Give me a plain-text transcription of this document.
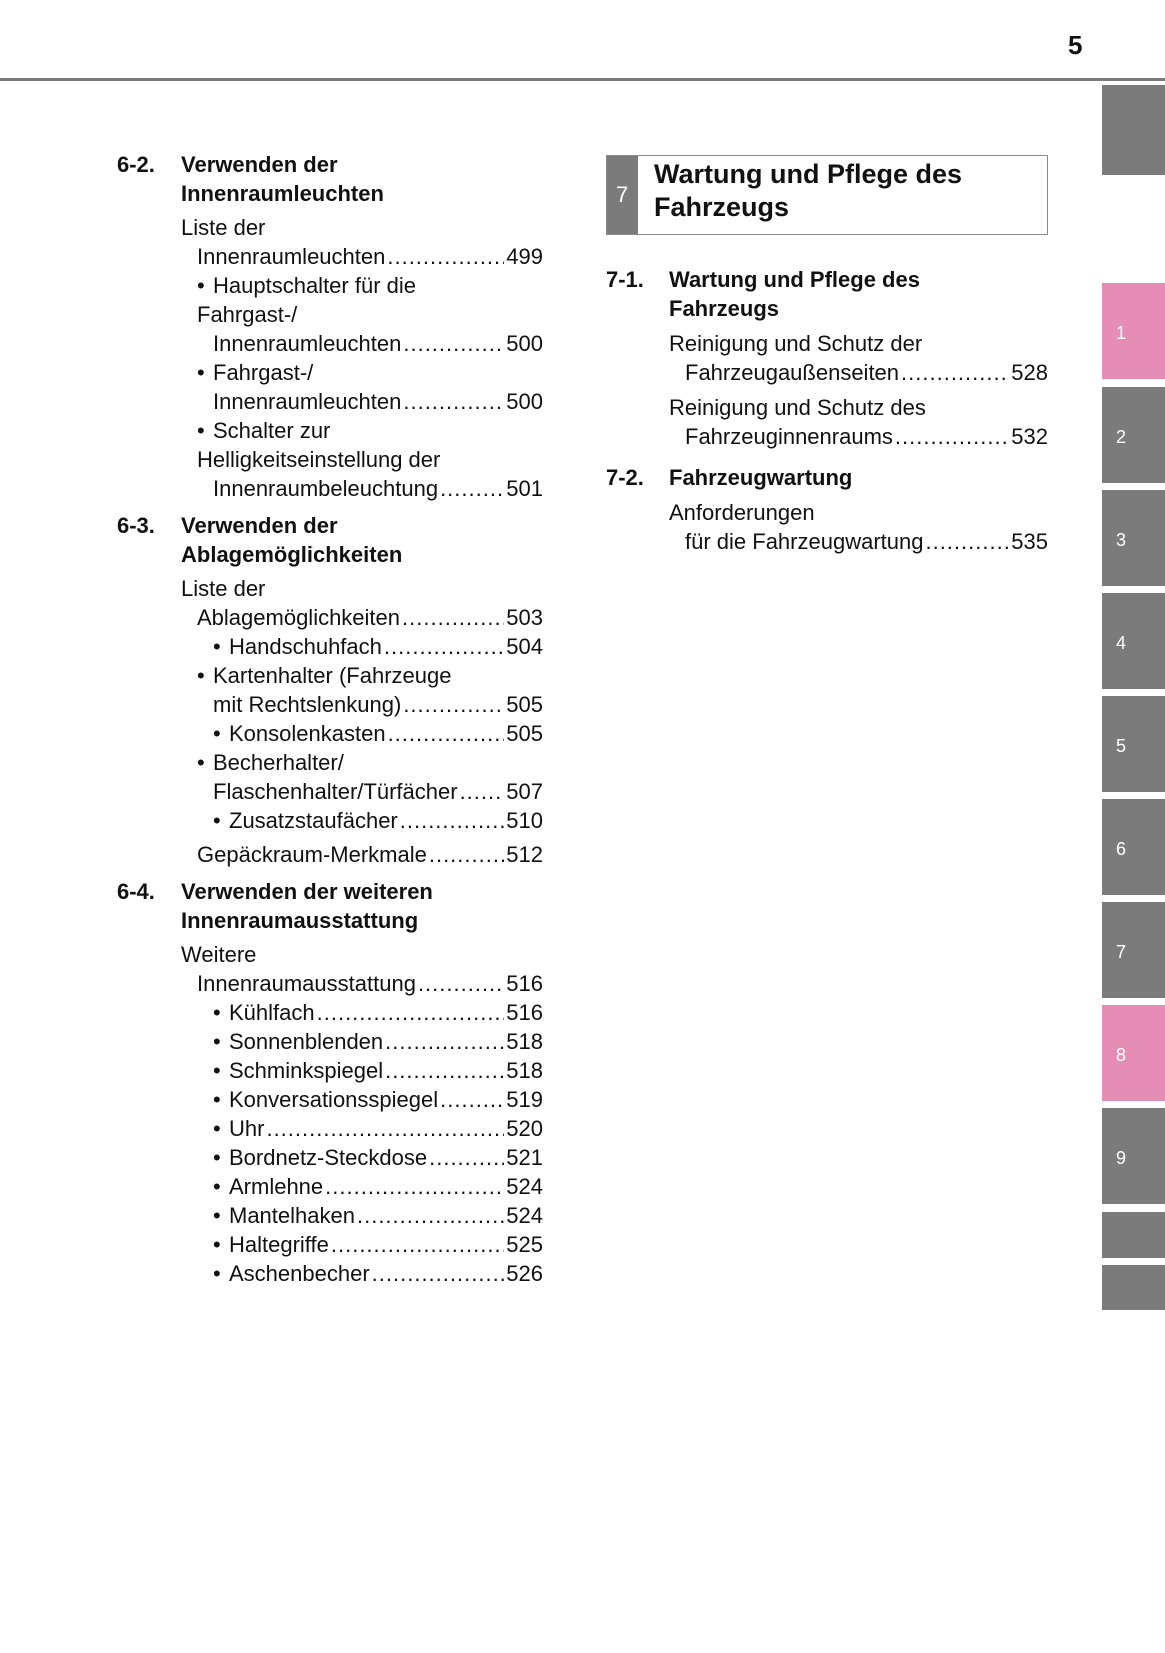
5
1
2
3
4
5
6
7
8
9
6-2. Verwenden der
Innenraumleuchten
Liste der
Innenraumleuchten .....	499
• Hauptschalter für die
Fahrgast-/
Innenraumleuchten .....	500
• Fahrgast-/
Innenraumleuchten .....	500
• Schalter zur
Helligkeitseinstellung der
Innenraumbeleuchtung .....	501
6-3. Verwenden der
Ablagemöglichkeiten
Liste der
Ablagemöglichkeiten .....	503
• Handschuhfach .....	504
• Kartenhalter (Fahrzeuge
mit Rechtslenkung) .....	505
• Konsolenkasten .....	505
• Becherhalter/
Flaschenhalter/Türfächer ..... 507
• Zusatzstaufächer .....	510
Gepäckraum-Merkmale .....	512
6-4. Verwenden der weiteren
Innenraumausstattung
Weitere
Innenraumausstattung .....	516
• Kühlfach .....	516
• Sonnenblenden .....	518
• Schminkspiegel .....	518
• Konversationsspiegel .....	519
• Uhr .....	520
• Bordnetz-Steckdose .....	521
• Armlehne .....	524
• Mantelhaken .....	524
• Haltegriffe .....	525
• Aschenbecher .....	526
7
Wartung und Pflege des
Fahrzeugs
7-1. Wartung und Pflege des
Fahrzeugs
Reinigung und Schutz der
Fahrzeugaußenseiten .....	528
Reinigung und Schutz des
Fahrzeuginnenraums .....	532
7-2. Fahrzeugwartung
Anforderungen
für die Fahrzeugwartung .....	535
